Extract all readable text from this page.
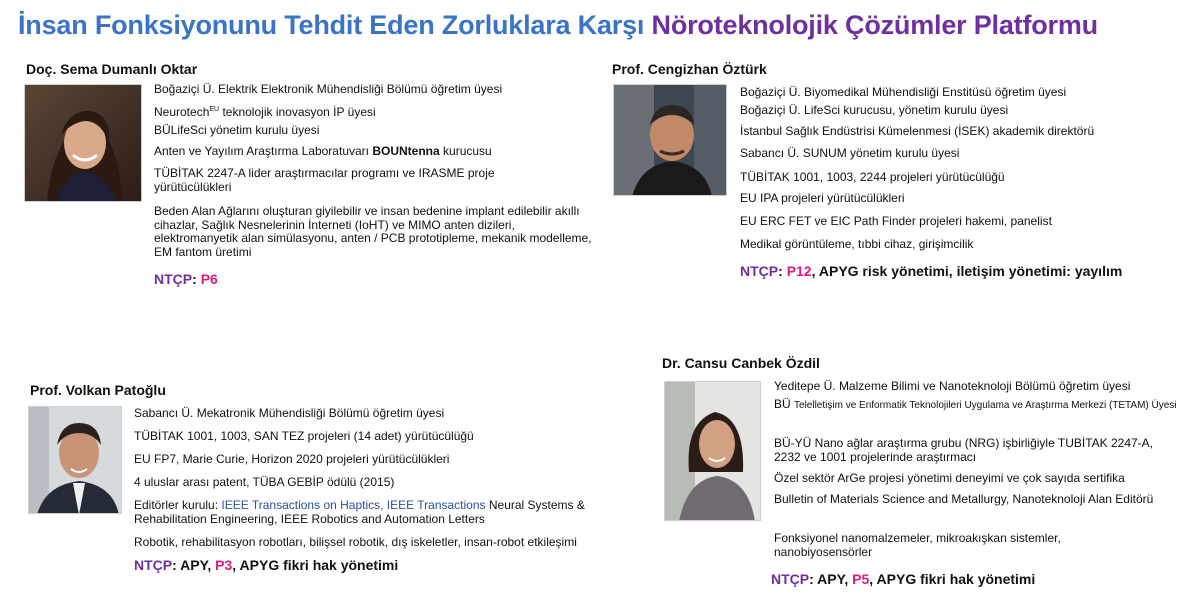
İnsan Fonksiyonunu Tehdit Eden Zorluklara Karşı Nöroteknolojik Çözümler Platformu
Doç. Sema Dumanlı Oktar
Boğaziçi Ü. Elektrik Elektronik Mühendisliği Bölümü öğretim üyesi
Neurotech$^{EU}$ teknolojik inovasyon İP üyesi
BÜLifeSci yönetim kurulu üyesi
Anten ve Yayılım Araştırma Laboratuvarı BOUNtenna kurucusu
TÜBİTAK 2247-A lider araştırmacılar programı ve IRASME proje yürütücülükleri
Beden Alan Ağlarını oluşturan giyilebilir ve insan bedenine implant edilebilir akıllı cihazlar, Sağlık Nesnelerinin İnterneti (IoHT) ve MIMO anten dizileri, elektromanyetik alan simülasyonu, anten / PCB prototipleme, mekanik modelleme, EM fantom üretimi
NTÇP: P6
Prof. Cengizhan Öztürk
Boğaziçi Ü. Biyomedikal Mühendisliği Enstitüsü öğretim üyesi
Boğaziçi Ü. LifeSci kurucusu, yönetim kurulu üyesi
İstanbul Sağlık Endüstrisi Kümelenmesi (İSEK) akademik direktörü
Sabancı Ü. SUNUM yönetim kurulu üyesi
TÜBİTAK 1001, 1003, 2244 projeleri yürütücülüğü
EU IPA projeleri yürütücülükleri
EU ERC FET ve EIC Path Finder projeleri hakemi, panelist
Medikal görüntüleme, tıbbi cihaz, girişimcilik
NTÇP: P12, APYG risk yönetimi, iletişim yönetimi: yayılım
Prof. Volkan Patoğlu
Sabancı Ü. Mekatronik Mühendisliği Bölümü öğretim üyesi
TÜBİTAK 1001, 1003, SAN TEZ projeleri (14 adet) yürütücülüğü
EU FP7, Marie Curie, Horizon 2020 projeleri yürütücülükleri
4 uluslar arası patent, TÜBA GEBİP ödülü (2015)
Editörler kurulu: IEEE Transactions on Haptics, IEEE Transactions Neural Systems & Rehabilitation Engineering, IEEE Robotics and Automation Letters
Robotik, rehabilitasyon robotları, bilişsel robotik, dış iskeletler, insan-robot etkileşimi
NTÇP: APY, P3, APYG fikri hak yönetimi
Dr. Cansu Canbek Özdil
Yeditepe Ü. Malzeme Bilimi ve Nanoteknoloji Bölümü öğretim üyesi
BÜ Telelletişim ve Enformatik Teknolojileri Uygulama ve Araştırma Merkezi (TETAM) Üyesi
BÜ-YÜ Nano ağlar araştırma grubu (NRG) işbirliğiyle TUBİTAK 2247-A, 2232 ve 1001 projelerinde araştırmacı
Özel sektör ArGe projesi yönetimi deneyimi ve çok sayıda sertifika
Bulletin of Materials Science and Metallurgy, Nanoteknoloji Alan Editörü
Fonksiyonel nanomalzemeler, mikroakışkan sistemler, nanobiyosensörler
NTÇP: APY, P5, APYG fikri hak yönetimi
